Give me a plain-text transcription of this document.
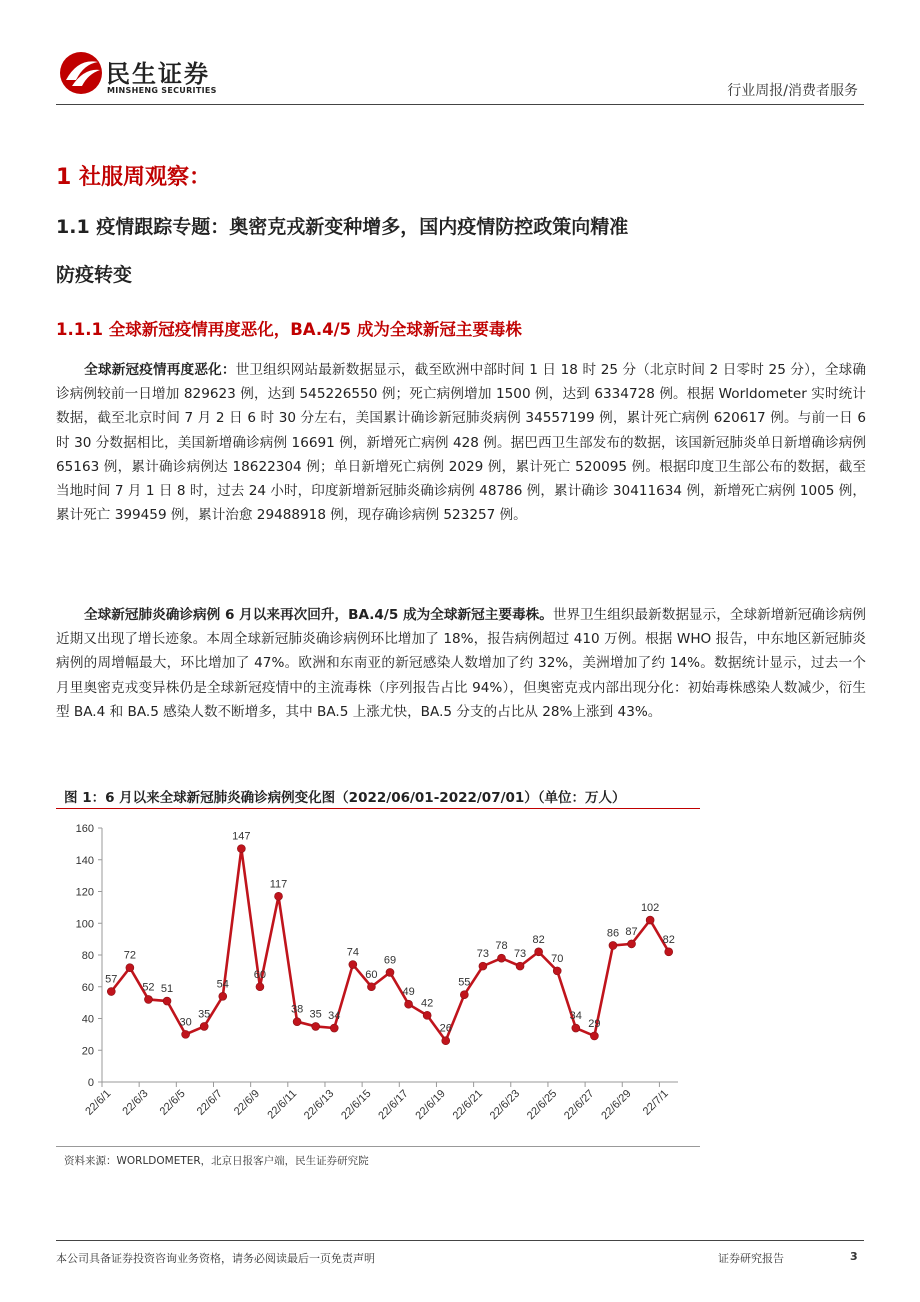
民生证券
MINSHENG SECURITIES	行业周报/消费者服务
1 社服周观察：
1.1 疫情跟踪专题：奥密克戎新变种增多，国内疫情防控政策向精准
防疫转变
1.1.1 全球新冠疫情再度恶化，BA.4/5 成为全球新冠主要毒株
全球新冠疫情再度恶化：世卫组织网站最新数据显示，截至欧洲中部时间 1 日 18 时 25 分（北京时间 2 日零时 25 分），全球确诊病例较前一日增加 829623 例，达到 545226550 例；死亡病例增加 1500 例，达到 6334728 例。根据 Worldometer 实时统计数据，截至北京时间 7 月 2 日 6 时 30 分左右，美国累计确诊新冠肺炎病例 34557199 例，累计死亡病例 620617 例。与前一日 6 时 30 分数据相比，美国新增确诊病例 16691 例，新增死亡病例 428 例。据巴西卫生部发布的数据，该国新冠肺炎单日新增确诊病例 65163 例，累计确诊病例达 18622304 例；单日新增死亡病例 2029 例，累计死亡 520095 例。根据印度卫生部公布的数据，截至当地时间 7 月 1 日 8 时，过去 24 小时，印度新增新冠肺炎确诊病例 48786 例，累计确诊 30411634 例，新增死亡病例 1005 例，累计死亡 399459 例，累计治愈 29488918 例，现存确诊病例 523257 例。
全球新冠肺炎确诊病例 6 月以来再次回升，BA.4/5 成为全球新冠主要毒株。世界卫生组织最新数据显示，全球新增新冠确诊病例近期又出现了增长迹象。本周全球新冠肺炎确诊病例环比增加了 18%，报告病例超过 410 万例。根据 WHO 报告，中东地区新冠肺炎病例的周增幅最大，环比增加了 47%。欧洲和东南亚的新冠感染人数增加了约 32%，美洲增加了约 14%。数据统计显示，过去一个月里奥密克戎变异株仍是全球新冠疫情中的主流毒株（序列报告占比 94%），但奥密克戎内部出现分化：初始毒株感染人数减少，衍生型 BA.4 和 BA.5 感染人数不断增多，其中 BA.5 上涨尤快，BA.5 分支的占比从 28%上涨到 43%。
图 1：6 月以来全球新冠肺炎确诊病例变化图（2022/06/01-2022/07/01）（单位：万人）
0
20
40
60
80
100
120
140
160
22/6/1 22/6/3 22/6/5 22/6/7 22/6/9 22/6/11 22/6/13 22/6/15 22/6/17 22/6/19 22/6/21 22/6/23 22/6/25 22/6/27 22/6/29 22/7/1
57
72
52 51
30
35
54
147
60
117
38 35 34
74
60
69
49
42
26
55
73
78
73
82
70
34
29
86 87
102
82
资料来源：WORLDOMETER，北京日报客户端，民生证券研究院
本公司具备证券投资咨询业务资格，请务必阅读最后一页免责声明	证券研究报告	3
